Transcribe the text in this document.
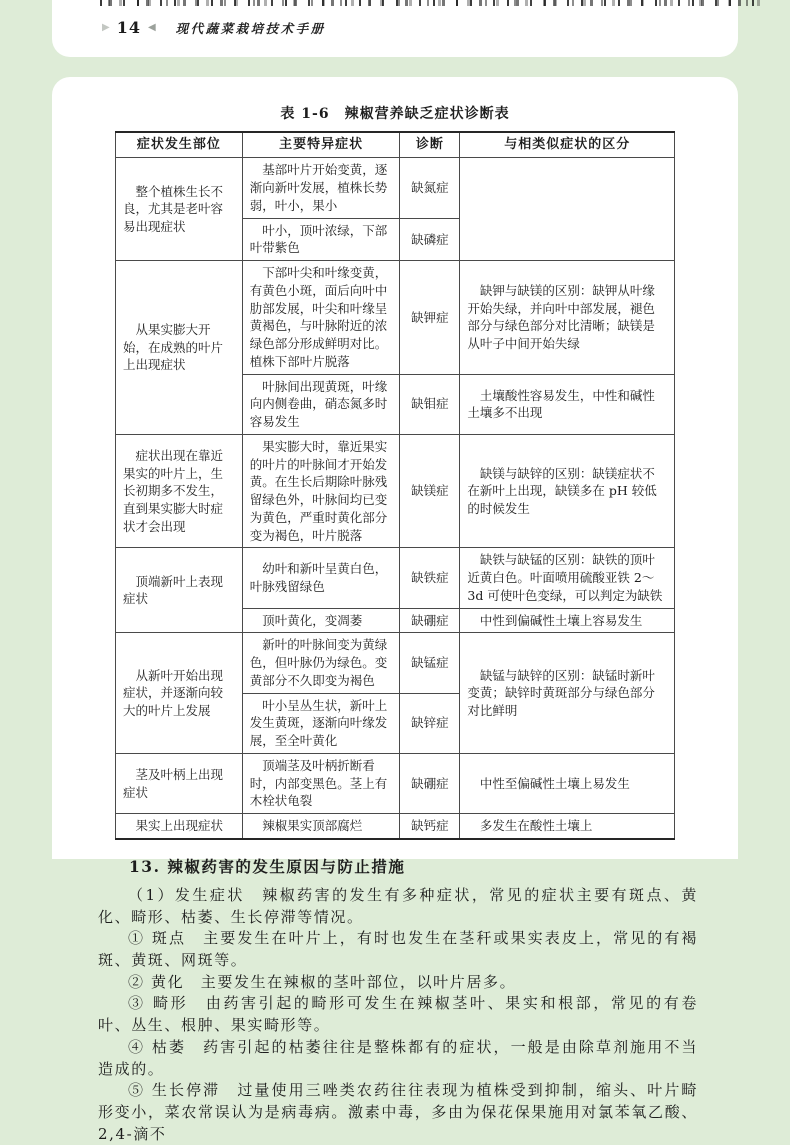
▶ 14 ◀ 现代蔬菜栽培技术手册
表 1-6　辣椒营养缺乏症状诊断表
症状发生部位	主要特异症状	诊断	与相类似症状的区分
整个植株生长不良，尤其是老叶容易出现症状	基部叶片开始变黄，逐渐向新叶发展，植株长势弱，叶小，果小	缺氮症	
	叶小，顶叶浓绿，下部叶带紫色	缺磷症	
从果实膨大开始，在成熟的叶片上出现症状	下部叶尖和叶缘变黄，有黄色小斑，面后向叶中肋部发展，叶尖和叶缘呈黄褐色，与叶脉附近的浓绿色部分形成鲜明对比。植株下部叶片脱落	缺钾症	缺钾与缺镁的区别：缺钾从叶缘开始失绿，并向叶中部发展，褪色部分与绿色部分对比清晰；缺镁是从叶子中间开始失绿
	叶脉间出现黄斑，叶缘向内侧卷曲，硝态氮多时容易发生	缺钼症	土壤酸性容易发生，中性和碱性土壤多不出现
症状出现在靠近果实的叶片上，生长初期多不发生，直到果实膨大时症状才会出现	果实膨大时，靠近果实的叶片的叶脉间才开始发黄。在生长后期除叶脉残留绿色外，叶脉间均已变为黄色，严重时黄化部分变为褐色，叶片脱落	缺镁症	缺镁与缺锌的区别：缺镁症状不在新叶上出现，缺镁多在 pH 较低的时候发生
顶端新叶上表现症状	幼叶和新叶呈黄白色，叶脉残留绿色	缺铁症	缺铁与缺锰的区别：缺铁的顶叶近黄白色。叶面喷用硫酸亚铁 2～3d 可使叶色变绿，可以判定为缺铁
	顶叶黄化，变凋萎	缺硼症	中性到偏碱性土壤上容易发生
从新叶开始出现症状，并逐渐向较大的叶片上发展	新叶的叶脉间变为黄绿色，但叶脉仍为绿色。变黄部分不久即变为褐色	缺锰症	缺锰与缺锌的区别：缺锰时新叶变黄；缺锌时黄斑部分与绿色部分对比鲜明
	叶小呈丛生状，新叶上发生黄斑，逐渐向叶缘发展，至全叶黄化	缺锌症	
茎及叶柄上出现症状	顶端茎及叶柄折断看时，内部变黑色。茎上有木栓状龟裂	缺硼症	中性至偏碱性土壤上易发生
果实上出现症状	辣椒果实顶部腐烂	缺钙症	多发生在酸性土壤上
13. 辣椒药害的发生原因与防止措施

（1）发生症状　辣椒药害的发生有多种症状，常见的症状主要有斑点、黄化、畸形、枯萎、生长停滞等情况。

① 斑点　主要发生在叶片上，有时也发生在茎秆或果实表皮上，常见的有褐斑、黄斑、网斑等。

② 黄化　主要发生在辣椒的茎叶部位，以叶片居多。

③ 畸形　由药害引起的畸形可发生在辣椒茎叶、果实和根部，常见的有卷叶、丛生、根肿、果实畸形等。

④ 枯萎　药害引起的枯萎往往是整株都有的症状，一般是由除草剂施用不当造成的。

⑤ 生长停滞　过量使用三唑类农药往往表现为植株受到抑制，缩头、叶片畸形变小，菜农常误认为是病毒病。激素中毒，多由为保花保果施用对氯苯氧乙酸、2,4-滴不
